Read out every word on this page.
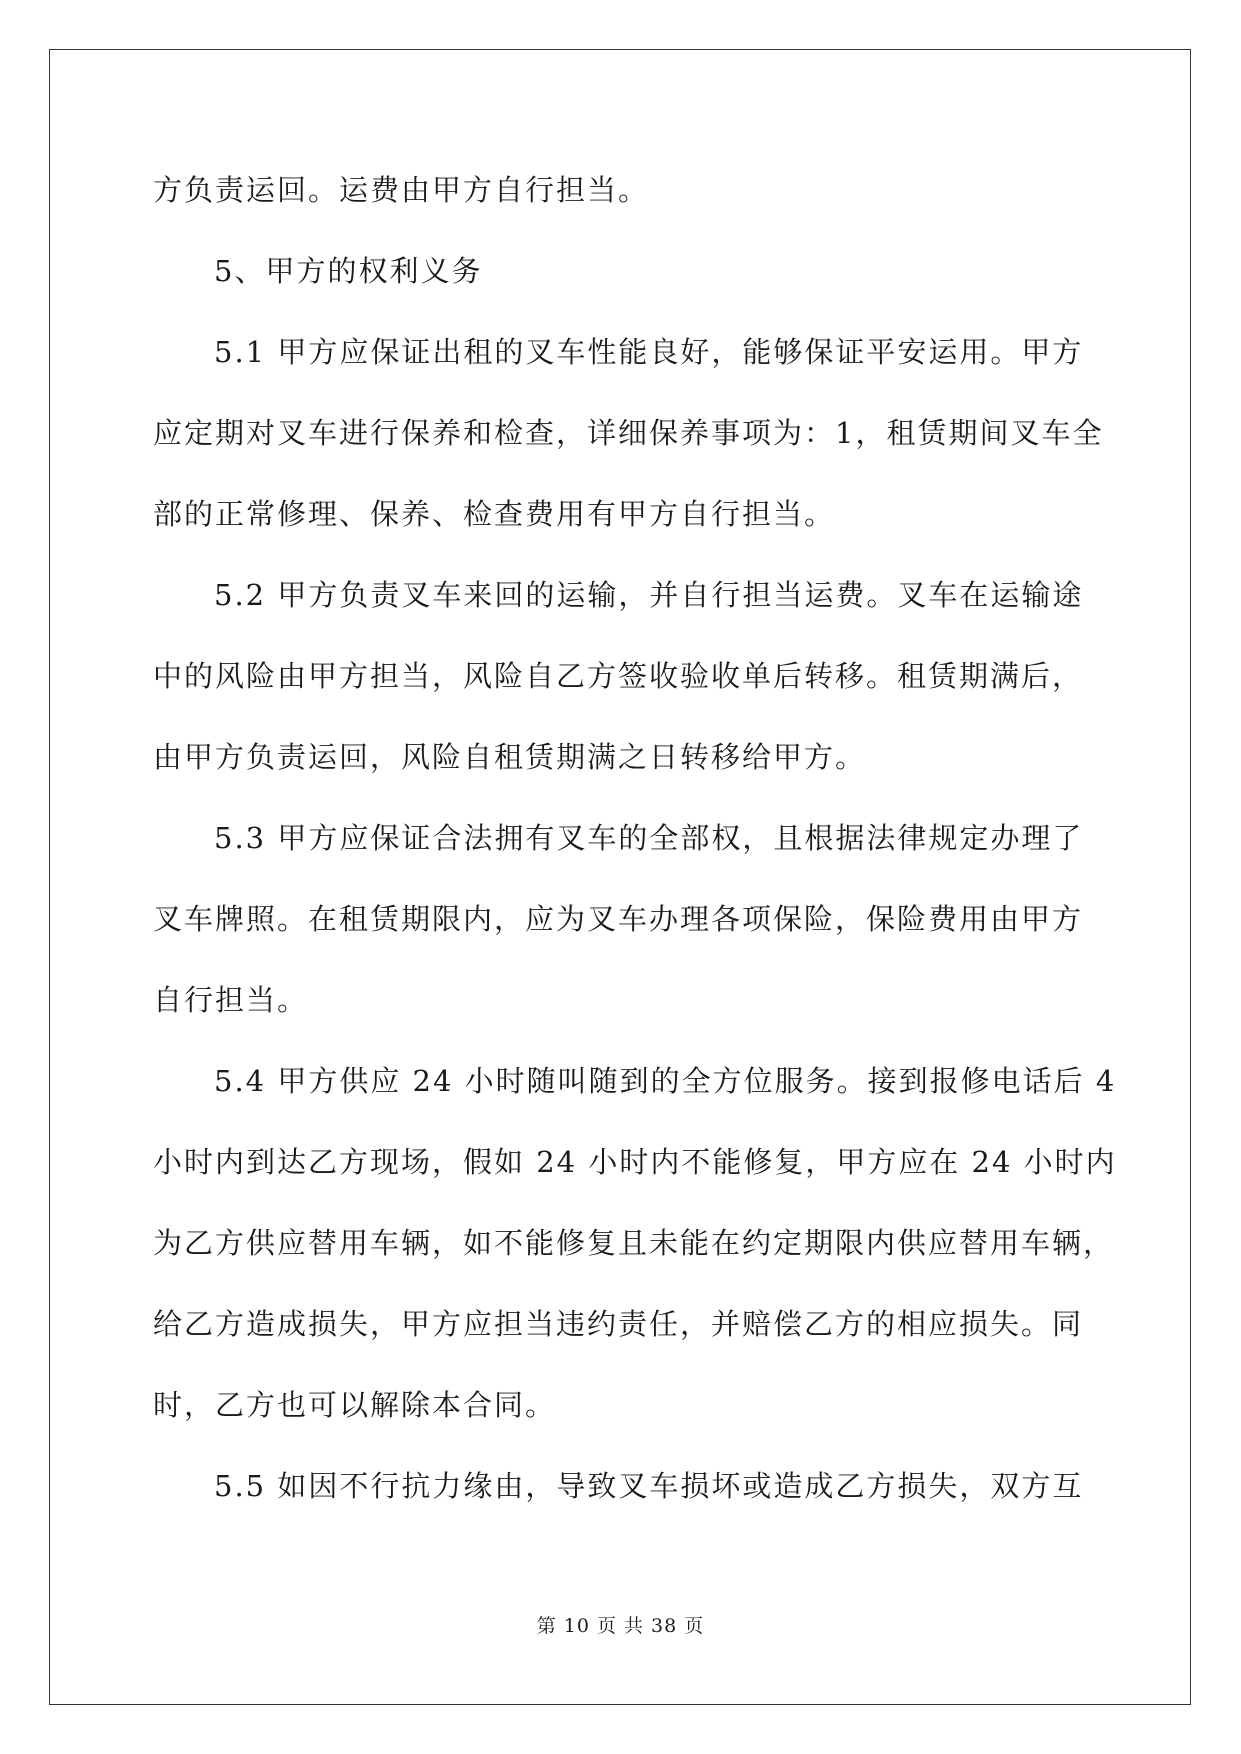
方负责运回。运费由甲方自行担当。

5、甲方的权利义务

5.1 甲方应保证出租的叉车性能良好，能够保证平安运用。甲方

应定期对叉车进行保养和检查，详细保养事项为：1，租赁期间叉车全

部的正常修理、保养、检查费用有甲方自行担当。

5.2 甲方负责叉车来回的运输，并自行担当运费。叉车在运输途

中的风险由甲方担当，风险自乙方签收验收单后转移。租赁期满后，

由甲方负责运回，风险自租赁期满之日转移给甲方。

5.3 甲方应保证合法拥有叉车的全部权，且根据法律规定办理了

叉车牌照。在租赁期限内，应为叉车办理各项保险，保险费用由甲方

自行担当。

5.4 甲方供应 24 小时随叫随到的全方位服务。接到报修电话后 4

小时内到达乙方现场，假如 24 小时内不能修复，甲方应在 24 小时内

为乙方供应替用车辆，如不能修复且未能在约定期限内供应替用车辆，

给乙方造成损失，甲方应担当违约责任，并赔偿乙方的相应损失。同

时，乙方也可以解除本合同。

5.5 如因不行抗力缘由，导致叉车损坏或造成乙方损失，双方互

第 10 页 共 38 页
